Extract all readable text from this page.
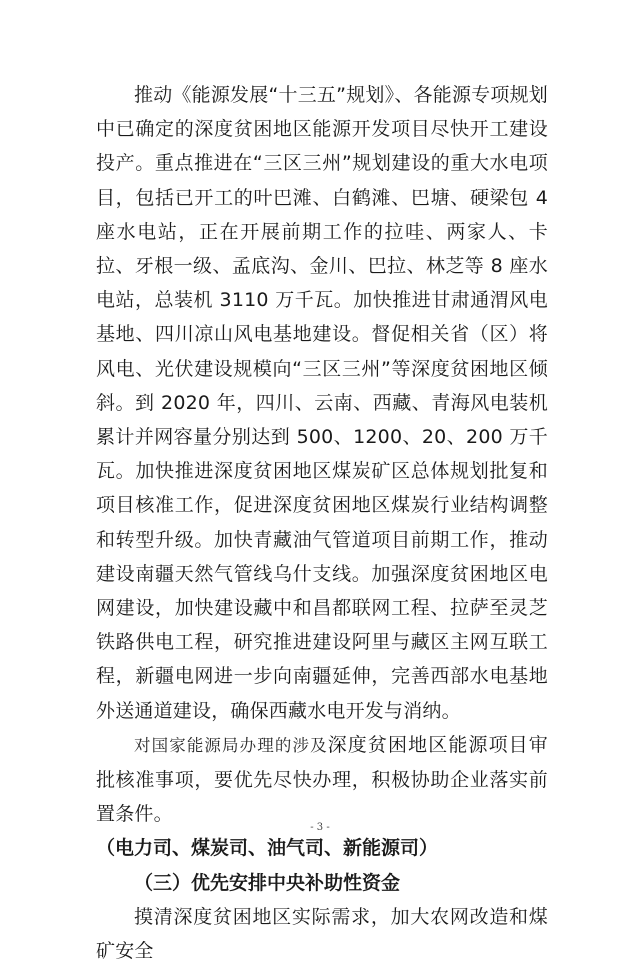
推动《能源发展“十三五”规划》、各能源专项规划中已确定的深度贫困地区能源开发项目尽快开工建设投产。重点推进在“三区三州”规划建设的重大水电项目，包括已开工的叶巴滩、白鹤滩、巴塘、硬梁包 4 座水电站，正在开展前期工作的拉哇、两家人、卡拉、牙根一级、孟底沟、金川、巴拉、林芝等 8 座水电站，总装机 3110 万千瓦。加快推进甘肃通渭风电基地、四川凉山风电基地建设。督促相关省（区）将风电、光伏建设规模向“三区三州”等深度贫困地区倾斜。到 2020 年，四川、云南、西藏、青海风电装机累计并网容量分别达到 500、1200、20、200 万千瓦。加快推进深度贫困地区煤炭矿区总体规划批复和项目核准工作，促进深度贫困地区煤炭行业结构调整和转型升级。加快青藏油气管道项目前期工作，推动建设南疆天然气管线乌什支线。加强深度贫困地区电网建设，加快建设藏中和昌都联网工程、拉萨至灵芝铁路供电工程，研究推进建设阿里与藏区主网互联工程，新疆电网进一步向南疆延伸，完善西部水电基地外送通道建设，确保西藏水电开发与消纳。

对国家能源局办理的涉及深度贫困地区能源项目审批核准事项，要优先尽快办理，积极协助企业落实前置条件。

（电力司、煤炭司、油气司、新能源司）

（三）优先安排中央补助性资金

摸清深度贫困地区实际需求，加大农网改造和煤矿安全

- 3 -
